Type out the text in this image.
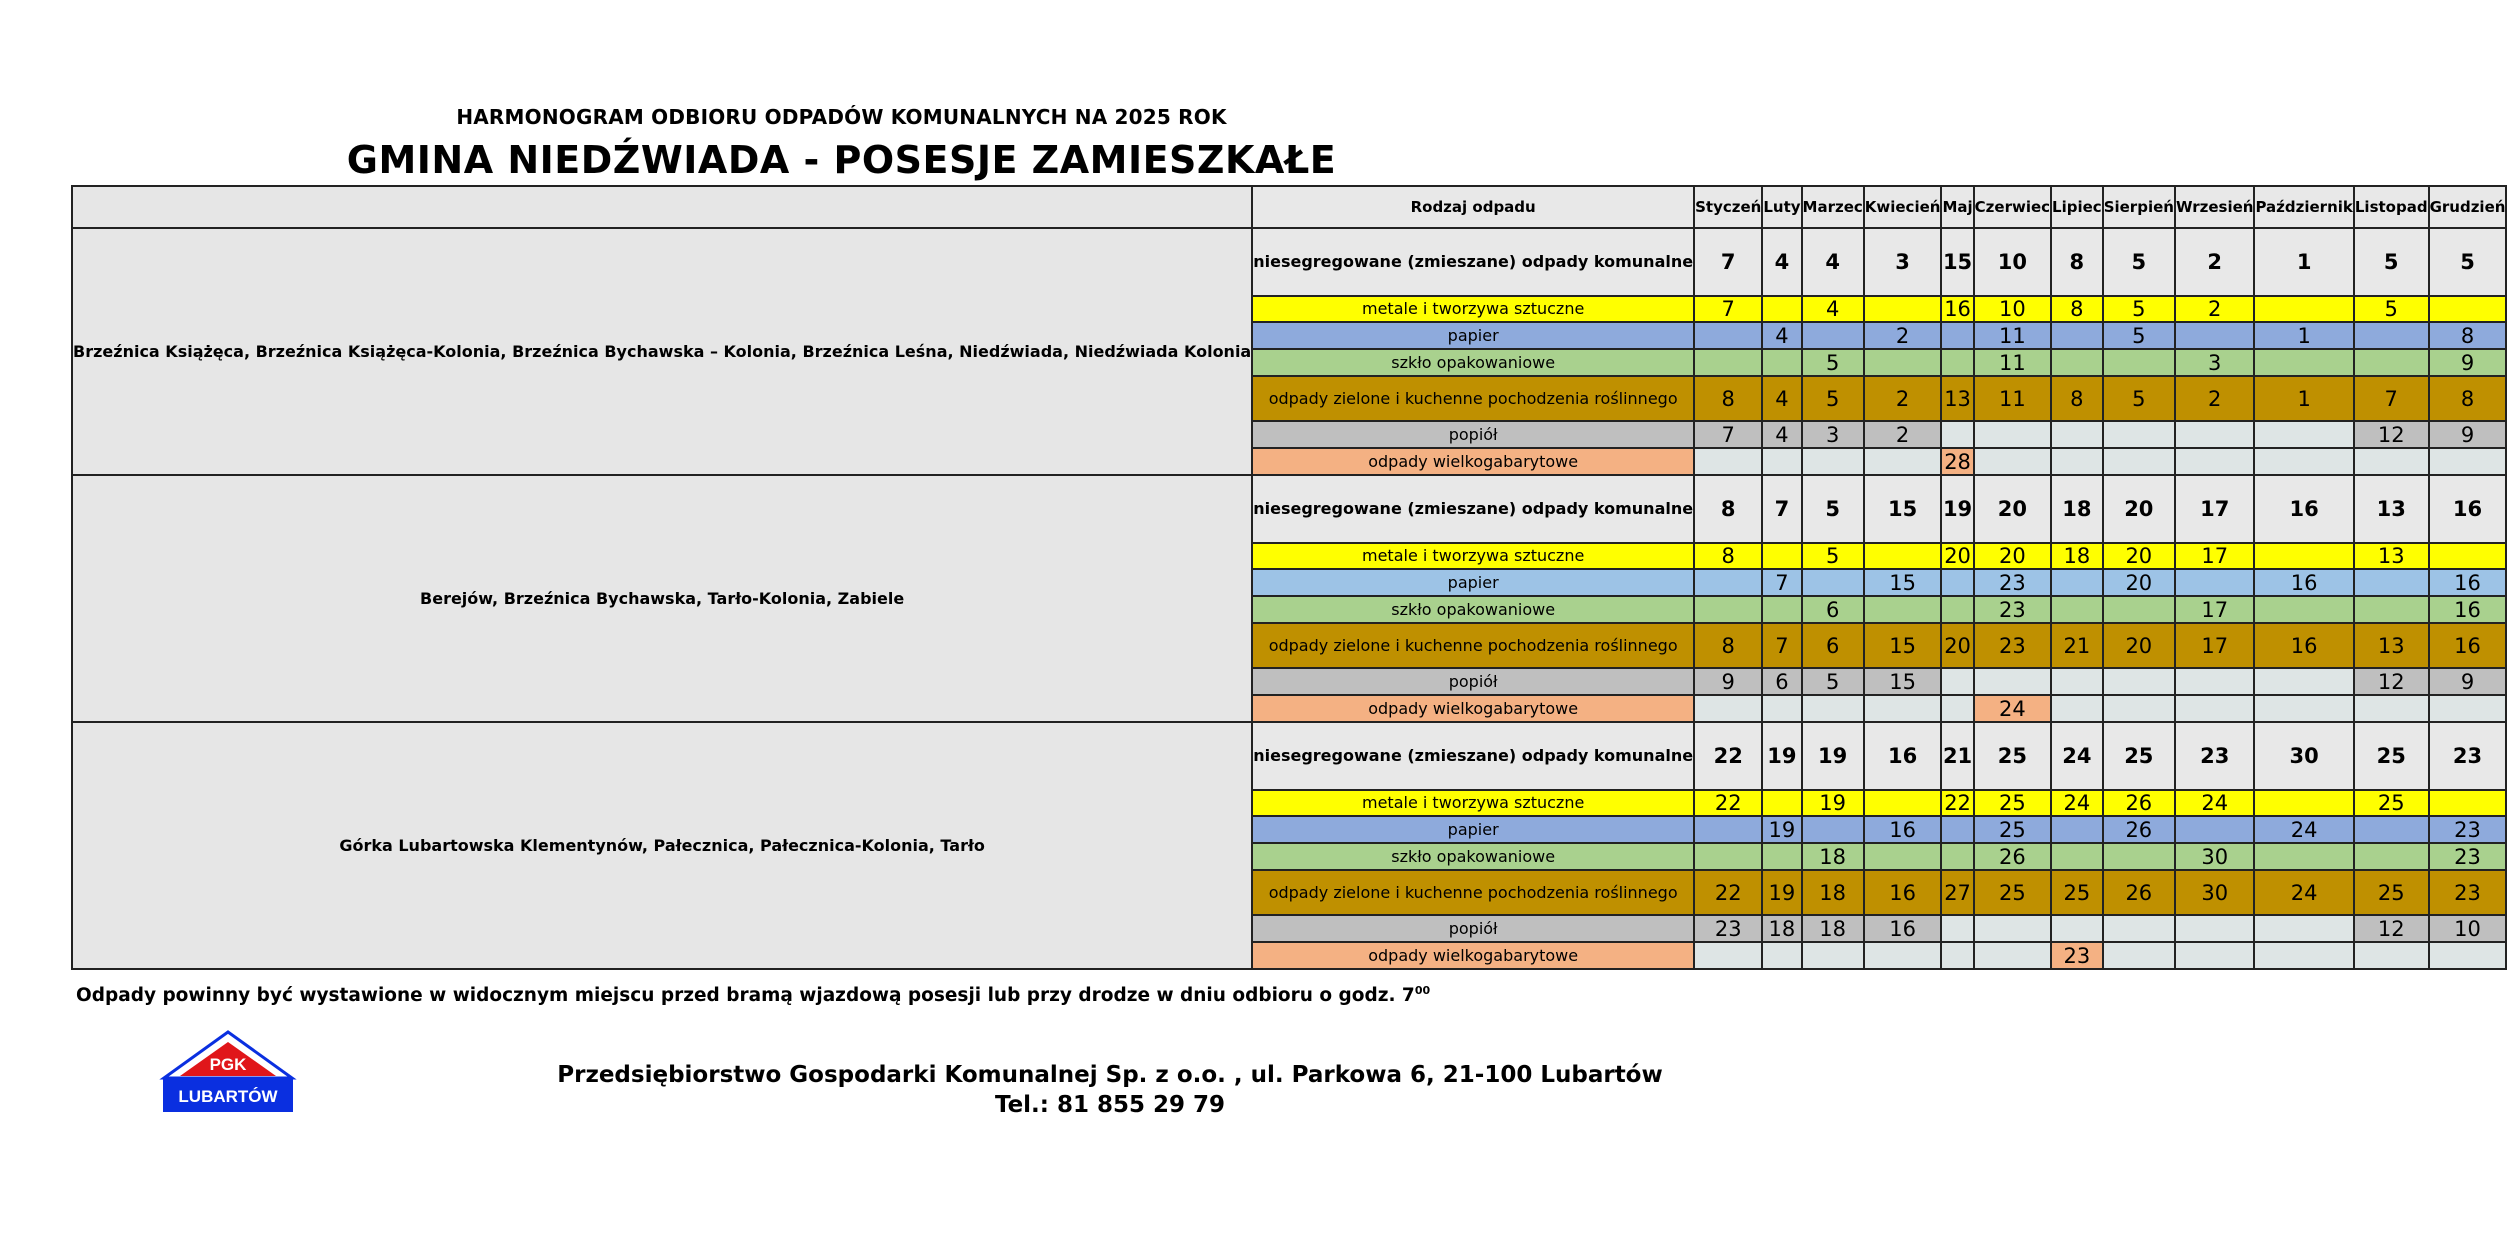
HARMONOGRAM ODBIORU ODPADÓW KOMUNALNYCH NA 2025 ROK
GMINA NIEDŹWIADA - POSESJE ZAMIESZKAŁE
	Rodzaj odpadu	Styczeń	Luty	Marzec	Kwiecień	Maj	Czerwiec	Lipiec	Sierpień	Wrzesień	Październik	Listopad	Grudzień
Brzeźnica Książęca, Brzeźnica Książęca-Kolonia, Brzeźnica Bychawska – Kolonia, Brzeźnica Leśna, Niedźwiada, Niedźwiada Kolonia	niesegregowane (zmieszane) odpady komunalne	7	4	4	3	15	10	8	5	2	1	5	5
	metale i tworzywa sztuczne	7		4		16	10	8	5	2		5	
	papier		4		2		11		5		1		8
	szkło opakowaniowe			5			11			3			9
	odpady zielone i kuchenne pochodzenia roślinnego	8	4	5	2	13	11	8	5	2	1	7	8
	popiół	7	4	3	2							12	9
	odpady wielkogabarytowe					28							
Berejów, Brzeźnica Bychawska, Tarło-Kolonia, Zabiele	niesegregowane (zmieszane) odpady komunalne	8	7	5	15	19	20	18	20	17	16	13	16
	metale i tworzywa sztuczne	8		5		20	20	18	20	17		13	
	papier		7		15		23		20		16		16
	szkło opakowaniowe			6			23			17			16
	odpady zielone i kuchenne pochodzenia roślinnego	8	7	6	15	20	23	21	20	17	16	13	16
	popiół	9	6	5	15							12	9
	odpady wielkogabarytowe						24						
Górka Lubartowska Klementynów, Pałecznica, Pałecznica-Kolonia, Tarło	niesegregowane (zmieszane) odpady komunalne	22	19	19	16	21	25	24	25	23	30	25	23
	metale i tworzywa sztuczne	22		19		22	25	24	26	24		25	
	papier		19		16		25		26		24		23
	szkło opakowaniowe			18			26			30			23
	odpady zielone i kuchenne pochodzenia roślinnego	22	19	18	16	27	25	25	26	30	24	25	23
	popiół	23	18	18	16							12	10
	odpady wielkogabarytowe							23					
Odpady powinny być wystawione w widocznym miejscu przed bramą wjazdową posesji lub przy drodze w dniu odbioru o godz. $7^{00}$
PGK
LUBARTÓW
Przedsiębiorstwo Gospodarki Komunalnej Sp. z o.o. , ul. Parkowa 6, 21-100 Lubartów
Tel.: 81 855 29 79
